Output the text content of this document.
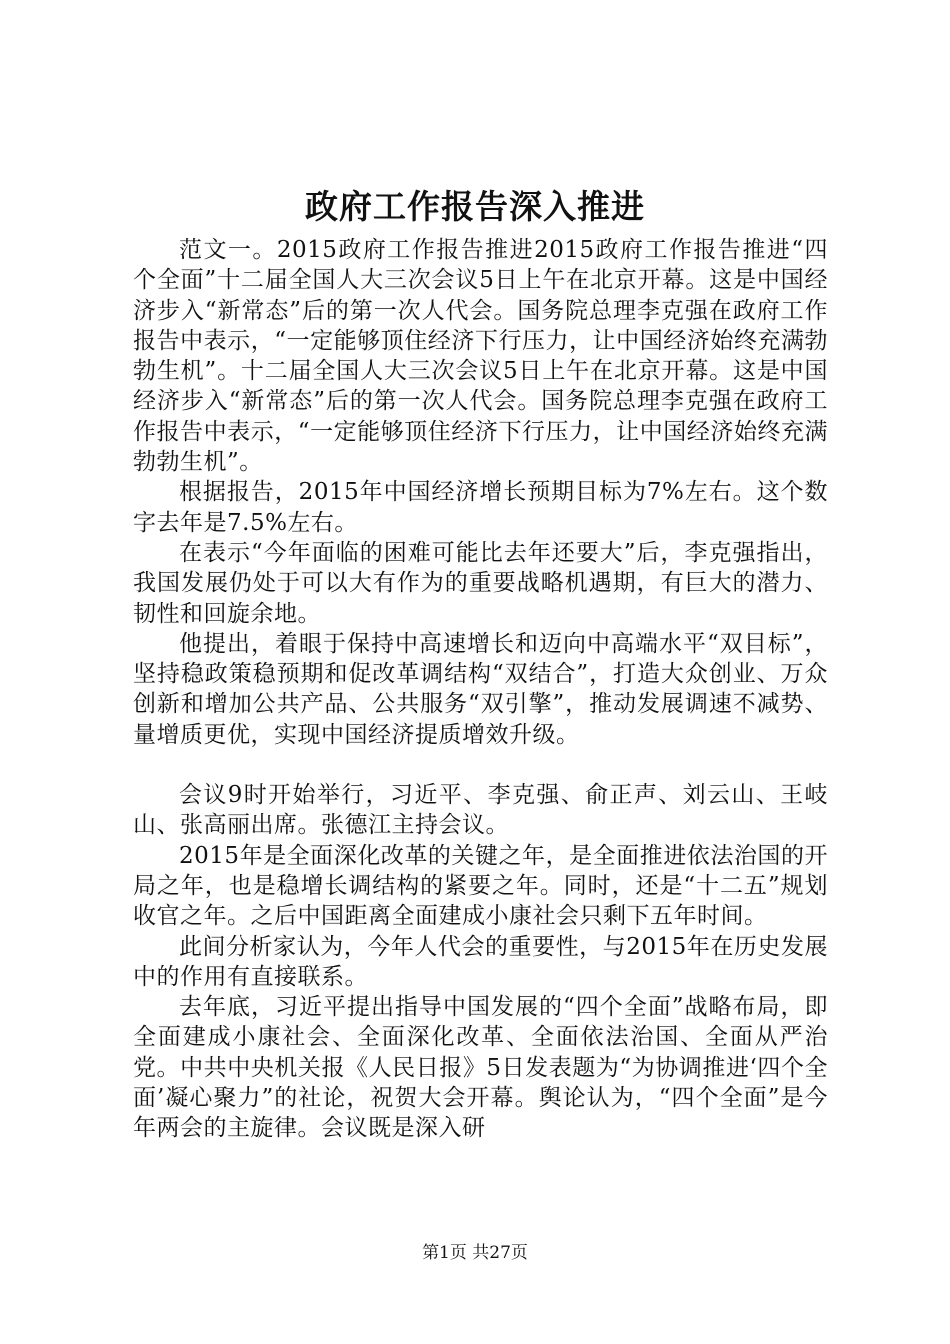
政府工作报告深入推进

范文一。2015政府工作报告推进2015政府工作报告推进“四个全面”十二届全国人大三次会议5日上午在北京开幕。这是中国经济步入“新常态”后的第一次人代会。国务院总理李克强在政府工作报告中表示，“一定能够顶住经济下行压力，让中国经济始终充满勃勃生机”。十二届全国人大三次会议5日上午在北京开幕。这是中国经济步入“新常态”后的第一次人代会。国务院总理李克强在政府工作报告中表示，“一定能够顶住经济下行压力，让中国经济始终充满勃勃生机”。

根据报告，2015年中国经济增长预期目标为7%左右。这个数字去年是7.5%左右。

在表示“今年面临的困难可能比去年还要大”后，李克强指出，我国发展仍处于可以大有作为的重要战略机遇期，有巨大的潜力、韧性和回旋余地。

他提出，着眼于保持中高速增长和迈向中高端水平“双目标”，坚持稳政策稳预期和促改革调结构“双结合”，打造大众创业、万众创新和增加公共产品、公共服务“双引擎”，推动发展调速不减势、量增质更优，实现中国经济提质增效升级。

会议9时开始举行，习近平、李克强、俞正声、刘云山、王岐山、张高丽出席。张德江主持会议。

2015年是全面深化改革的关键之年，是全面推进依法治国的开局之年，也是稳增长调结构的紧要之年。同时，还是“十二五”规划收官之年。之后中国距离全面建成小康社会只剩下五年时间。

此间分析家认为，今年人代会的重要性，与2015年在历史发展中的作用有直接联系。

去年底，习近平提出指导中国发展的“四个全面”战略布局，即全面建成小康社会、全面深化改革、全面依法治国、全面从严治党。中共中央机关报《人民日报》5日发表题为“为协调推进‘四个全面’凝心聚力”的社论，祝贺大会开幕。舆论认为，“四个全面”是今年两会的主旋律。会议既是深入研

第1页 共27页
